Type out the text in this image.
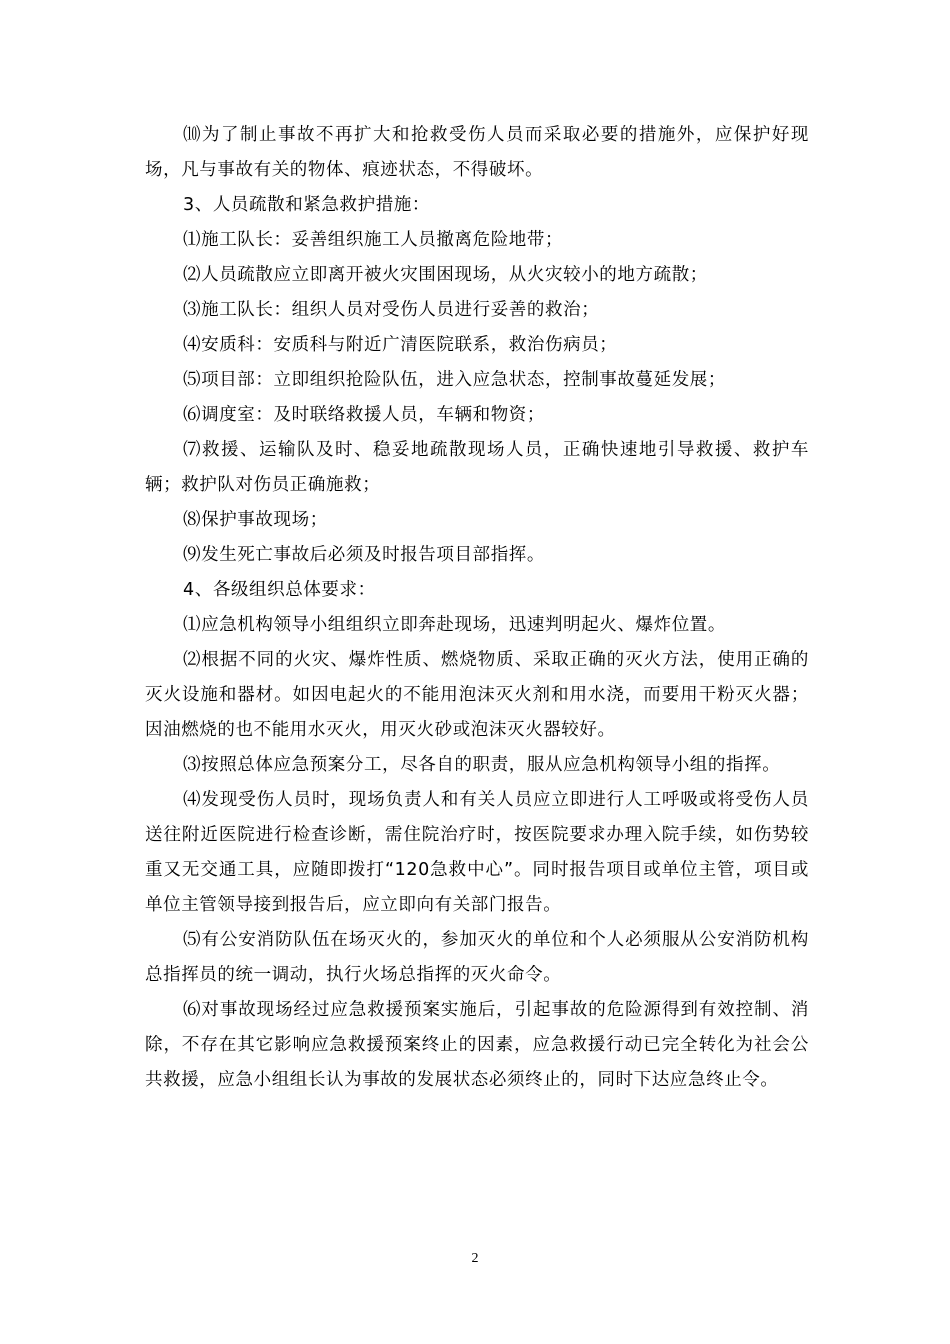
⑽为了制止事故不再扩大和抢救受伤人员而采取必要的措施外，应保护好现场，凡与事故有关的物体、痕迹状态，不得破坏。

3、人员疏散和紧急救护措施：

⑴施工队长：妥善组织施工人员撤离危险地带；

⑵人员疏散应立即离开被火灾围困现场，从火灾较小的地方疏散；

⑶施工队长：组织人员对受伤人员进行妥善的救治；

⑷安质科：安质科与附近广清医院联系，救治伤病员；

⑸项目部：立即组织抢险队伍，进入应急状态，控制事故蔓延发展；

⑹调度室：及时联络救援人员，车辆和物资；

⑺救援、运输队及时、稳妥地疏散现场人员，正确快速地引导救援、救护车辆；救护队对伤员正确施救；

⑻保护事故现场；

⑼发生死亡事故后必须及时报告项目部指挥。

4、各级组织总体要求：

⑴应急机构领导小组组织立即奔赴现场，迅速判明起火、爆炸位置。

⑵根据不同的火灾、爆炸性质、燃烧物质、采取正确的灭火方法，使用正确的灭火设施和器材。如因电起火的不能用泡沫灭火剂和用水浇，而要用干粉灭火器；因油燃烧的也不能用水灭火，用灭火砂或泡沫灭火器较好。

⑶按照总体应急预案分工，尽各自的职责，服从应急机构领导小组的指挥。

⑷发现受伤人员时，现场负责人和有关人员应立即进行人工呼吸或将受伤人员送往附近医院进行检查诊断，需住院治疗时，按医院要求办理入院手续，如伤势较重又无交通工具，应随即拨打“120急救中心”。同时报告项目或单位主管，项目或单位主管领导接到报告后，应立即向有关部门报告。

⑸有公安消防队伍在场灭火的，参加灭火的单位和个人必须服从公安消防机构总指挥员的统一调动，执行火场总指挥的灭火命令。

⑹对事故现场经过应急救援预案实施后，引起事故的危险源得到有效控制、消除，不存在其它影响应急救援预案终止的因素，应急救援行动已完全转化为社会公共救援，应急小组组长认为事故的发展状态必须终止的，同时下达应急终止令。

2
